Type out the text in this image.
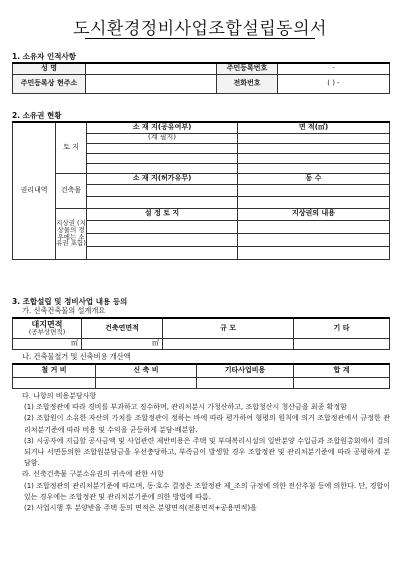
도시환경정비사업조합설립동의서
1. 소유자 인적사항
성 명		주민등록번호	-
주민등록상 현주소		전화번호	( ) -
2. 소유권 현황
권리내역	토 지	소 재 지(공유여부)	면 적(㎡)
		(계 필지)	

	건축물	소 재 지(허가유무)	동 수

	지상권 (지상물의 경 우에는 소유권 포함)	설 정 토 지	지상권의 내용

3. 조합설립 및 정비사업 내용 등의
가. 신축건축물의 설계개요
대지면적
(공부상면적)	건축연면적	규 모	기 타
㎡	㎡		
나. 건축물철거 및 신축비용 개산액
철 거 비	신 축 비	기타사업비용	합 계

다. 나항의 비용분담사항

(1) 조합정관에 따라 경비를 부과하고 징수하며, 관리처분시 가청산하고, 조합청산시 청산금을 최종 확정함

(2) 조합원이 소유한 자산의 가치를 조합정관이 정하는 바에 따라 평가하여 형평의 원칙에 의거 조합정관에서 규정한 관리처분기준에 따라 비용 및 수익을 균등하게 분담·배분함.

(3) 시공자에 지급할 공사금액 및 사업관련 제반비용은 주택 및 부대복리시설의 일반분양 수입금과 조합원총회에서 결의되거나 서면동의한 조합원분담금을 우선충당하고, 부족금이 발생할 경우 조합정관 및 관리처분기준에 따라 공평하게 분담함.

라. 신축건축물 구분소유권의 귀속에 관한 사항

(1) 조합정관의 관리처분기준에 따르며, 동·호수 결정은 조합정관 제_조의 규정에 의한 전산추첨 등에 의한다. 단, 경합이 있는 경우에는 조합정관 및 관리처분기준에 의한 방법에 따름.

(2) 사업시행 후 분양받을 주택 등의 면적은 분양면적(전용면적+공용면적)을
